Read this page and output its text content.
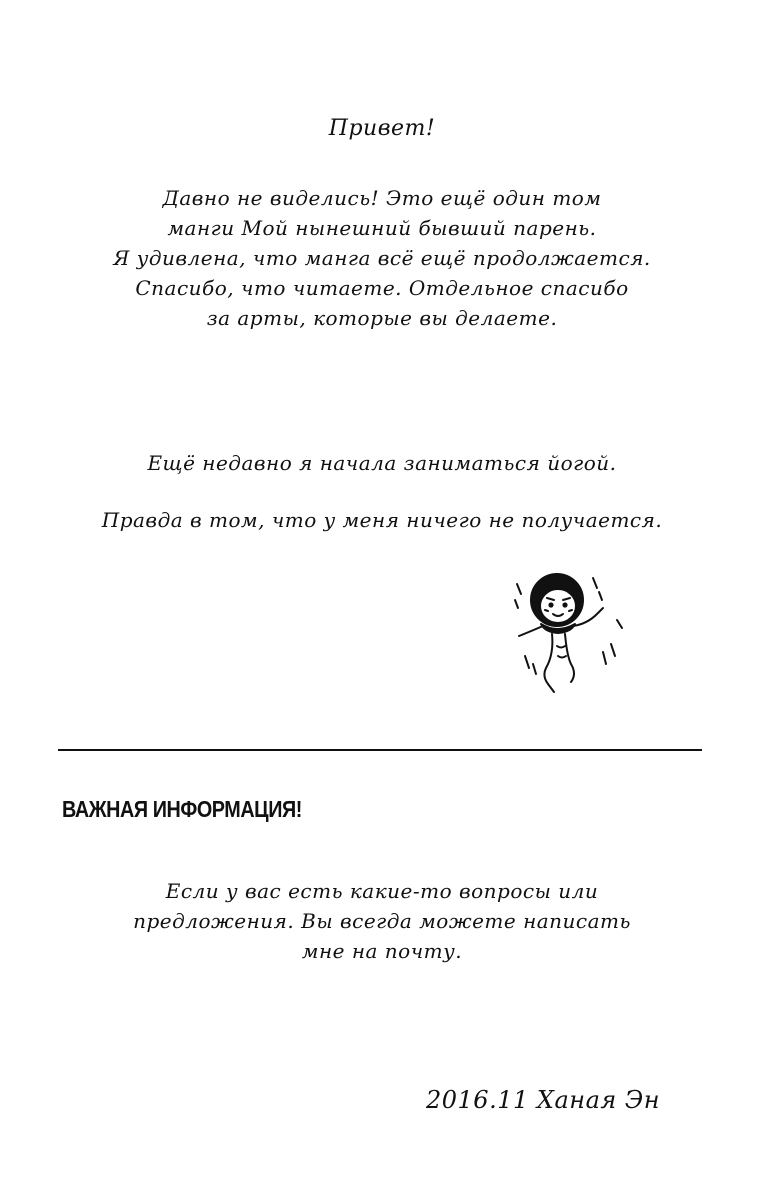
Привет!

Давно не виделись! Это ещё один том
манги Мой нынешний бывший парень.
Я удивлена, что манга всё ещё продолжается.
Спасибо, что читаете. Отдельное спасибо
за арты, которые вы делаете.

Ещё недавно я начала заниматься йогой.

Правда в том, что у меня ничего не получается.

ВАЖНАЯ ИНФОРМАЦИЯ!

Если у вас есть какие-то вопросы или
предложения. Вы всегда можете написать
мне на почту.

2016.11 Ханая Эн
